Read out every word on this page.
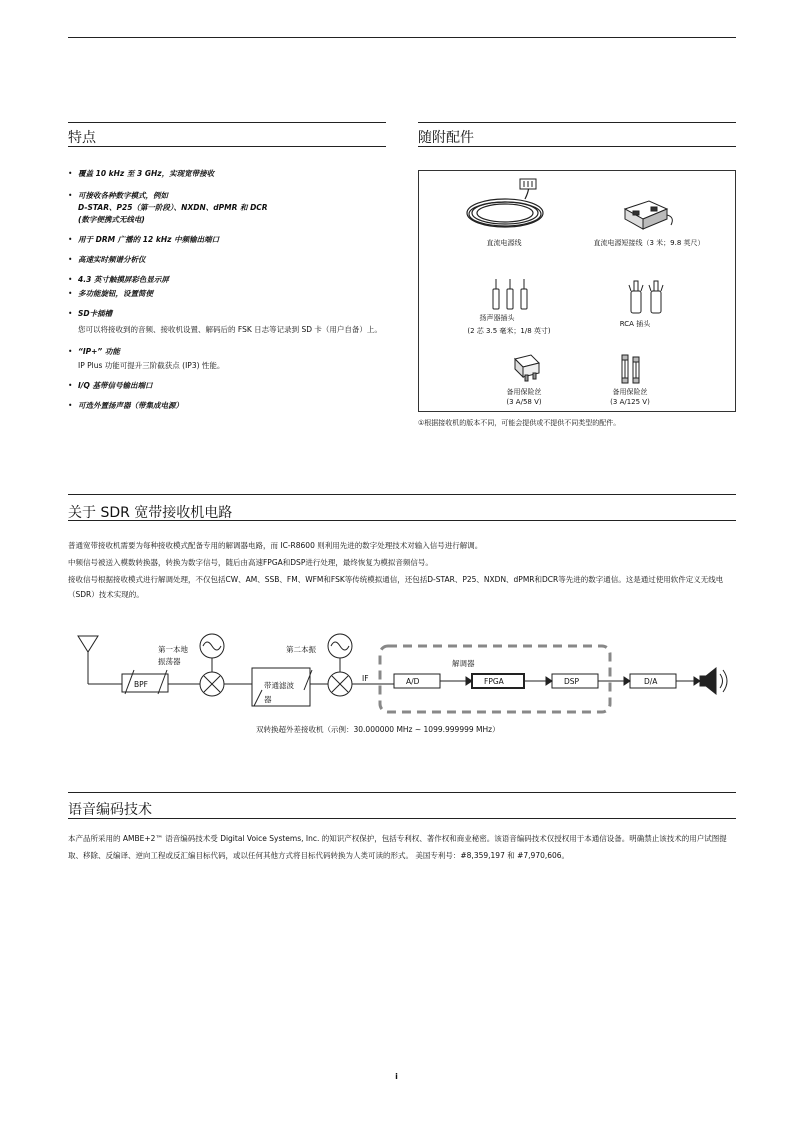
特点
• 覆盖 10 kHz 至 3 GHz，实现宽带接收
• 可接收各种数字模式，例如
D-STAR、P25（第一阶段）、NXDN、dPMR 和 DCR
(数字便携式无线电)
• 用于 DRM 广播的 12 kHz 中频输出端口
• 高速实时频谱分析仪
• 4.3 英寸触摸屏彩色显示屏
• 多功能旋钮，设置简便
• SD卡插槽
您可以将接收到的音频、接收机设置、解码后的 FSK 日志等记录到 SD 卡（用户自备）上。
• “IP+” 功能
IP Plus 功能可提升三阶截获点 (IP3) 性能。
• I/Q 基带信号输出端口
• 可选外置扬声器（带集成电源）
随附配件
直流电源线	直流电源短接线（3 米；9.8 英尺）
扬声器插头
(2 芯 3.5 毫米；1/8 英寸)
RCA 插头
备用保险丝
(3 A/58 V)
备用保险丝
(3 A/125 V)
①根据接收机的版本不同，可能会提供或不提供不同类型的配件。
关于 SDR 宽带接收机电路

普通宽带接收机需要为每种接收模式配备专用的解调器电路，而 IC-R8600 则利用先进的数字处理技术对输入信号进行解调。

中频信号被送入模数转换器，转换为数字信号，随后由高速FPGA和DSP进行处理，最终恢复为模拟音频信号。

接收信号根据接收模式进行解调处理，不仅包括CW、AM、SSB、FM、WFM和FSK等传统模拟通信，还包括D-STAR、P25、NXDN、dPMR和DCR等先进的数字通信。这是通过使用软件定义无线电（SDR）技术实现的。

第一本地
振荡器
第二本振
BPF	带通滤波
器
IF
解调器
A/D	FPGA	DSP	D/A
双转换超外差接收机（示例：30.000000 MHz ~ 1099.999999 MHz）
语音编码技术

本产品所采用的 AMBE+2™ 语音编码技术受 Digital Voice Systems, Inc. 的知识产权保护，包括专利权、著作权和商业秘密。该语音编码技术仅授权用于本通信设备。明确禁止该技术的用户试图提取、移除、反编译、逆向工程或反汇编目标代码，或以任何其他方式将目标代码转换为人类可读的形式。 美国专利号：#8,359,197 和 #7,970,606。

i
